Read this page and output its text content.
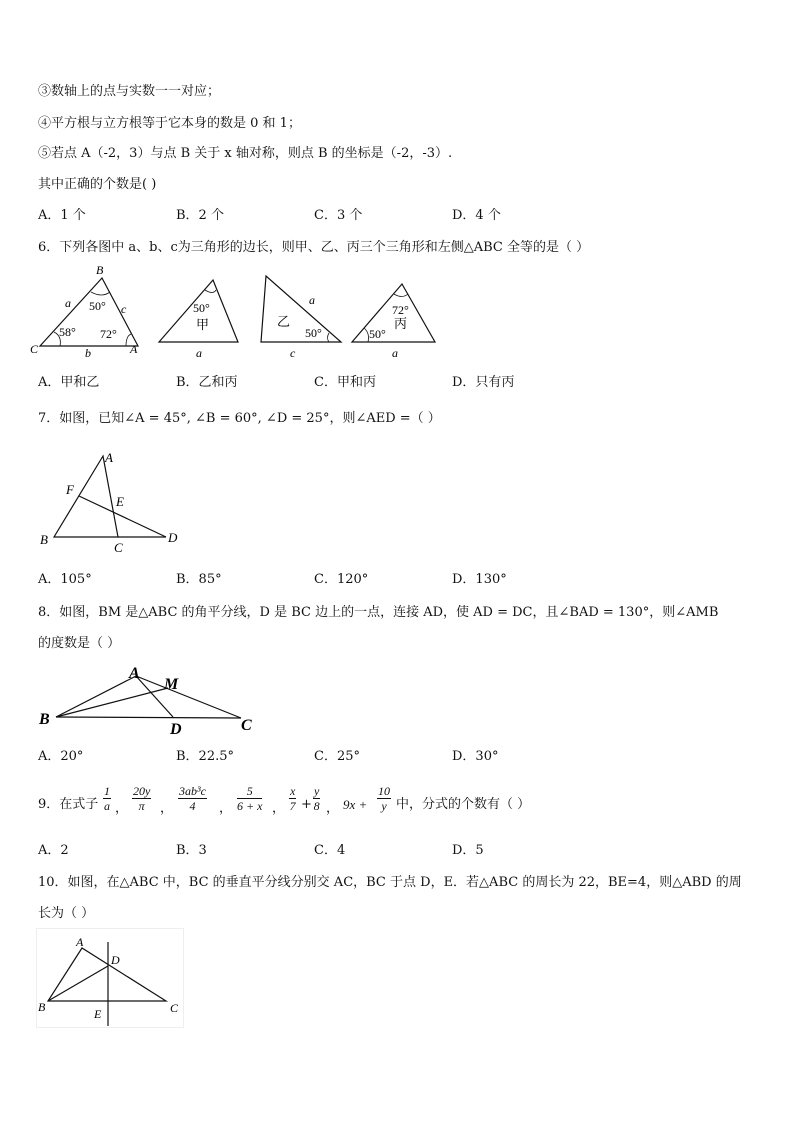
③数轴上的点与实数一一对应；
④平方根与立方根等于它本身的数是 0 和 1；
⑤若点 A（-2，3）与点 B 关于 x 轴对称，则点 B 的坐标是（-2，-3）.
其中正确的个数是( )
A．1 个	B．2 个	C．3 个	D．4 个
6．下列各图中 a、b、c为三角形的边长，则甲、乙、丙三个三角形和左侧△ABC 全等的是（ ）
B
C	A
a	c
b
50°
58° 72°
50°
甲
a
a
乙
50°
c
72°
丙
50°
a
A．甲和乙	B．乙和丙	C．甲和丙	D．只有丙
7．如图，已知∠A = 45°, ∠B = 60°, ∠D = 25°，则∠AED =（ ）
A
F
E
B
C
D
A．105°	B．85°	C．120°	D．130°
8．如图，BM 是△ABC 的角平分线，D 是 BC 边上的一点，连接 AD，使 AD = DC，且∠BAD = 130°，则∠AMB
的度数是（ ）
A
M
B
D	C
A．20°	B．22.5°	C．25°	D．30°
9．在式子 $\frac{1}{a}$ ， $\frac{20y}{\pi}$ ， $\frac{\text{3ab³c}}{4}$ ， $\frac{5}{6 + x}$ ， $\frac{x}{7} + \frac{y}{8}$ ， $9x + \frac{10}{y}$ 中，分式的个数有（ ）
A．2	B．3	C．4	D．5
10．如图，在△ABC 中，BC 的垂直平分线分别交 AC，BC 于点 D，E．若△ABC 的周长为 22，BE=4，则△ABD 的周
长为（ ）
A
D
B	E	C
